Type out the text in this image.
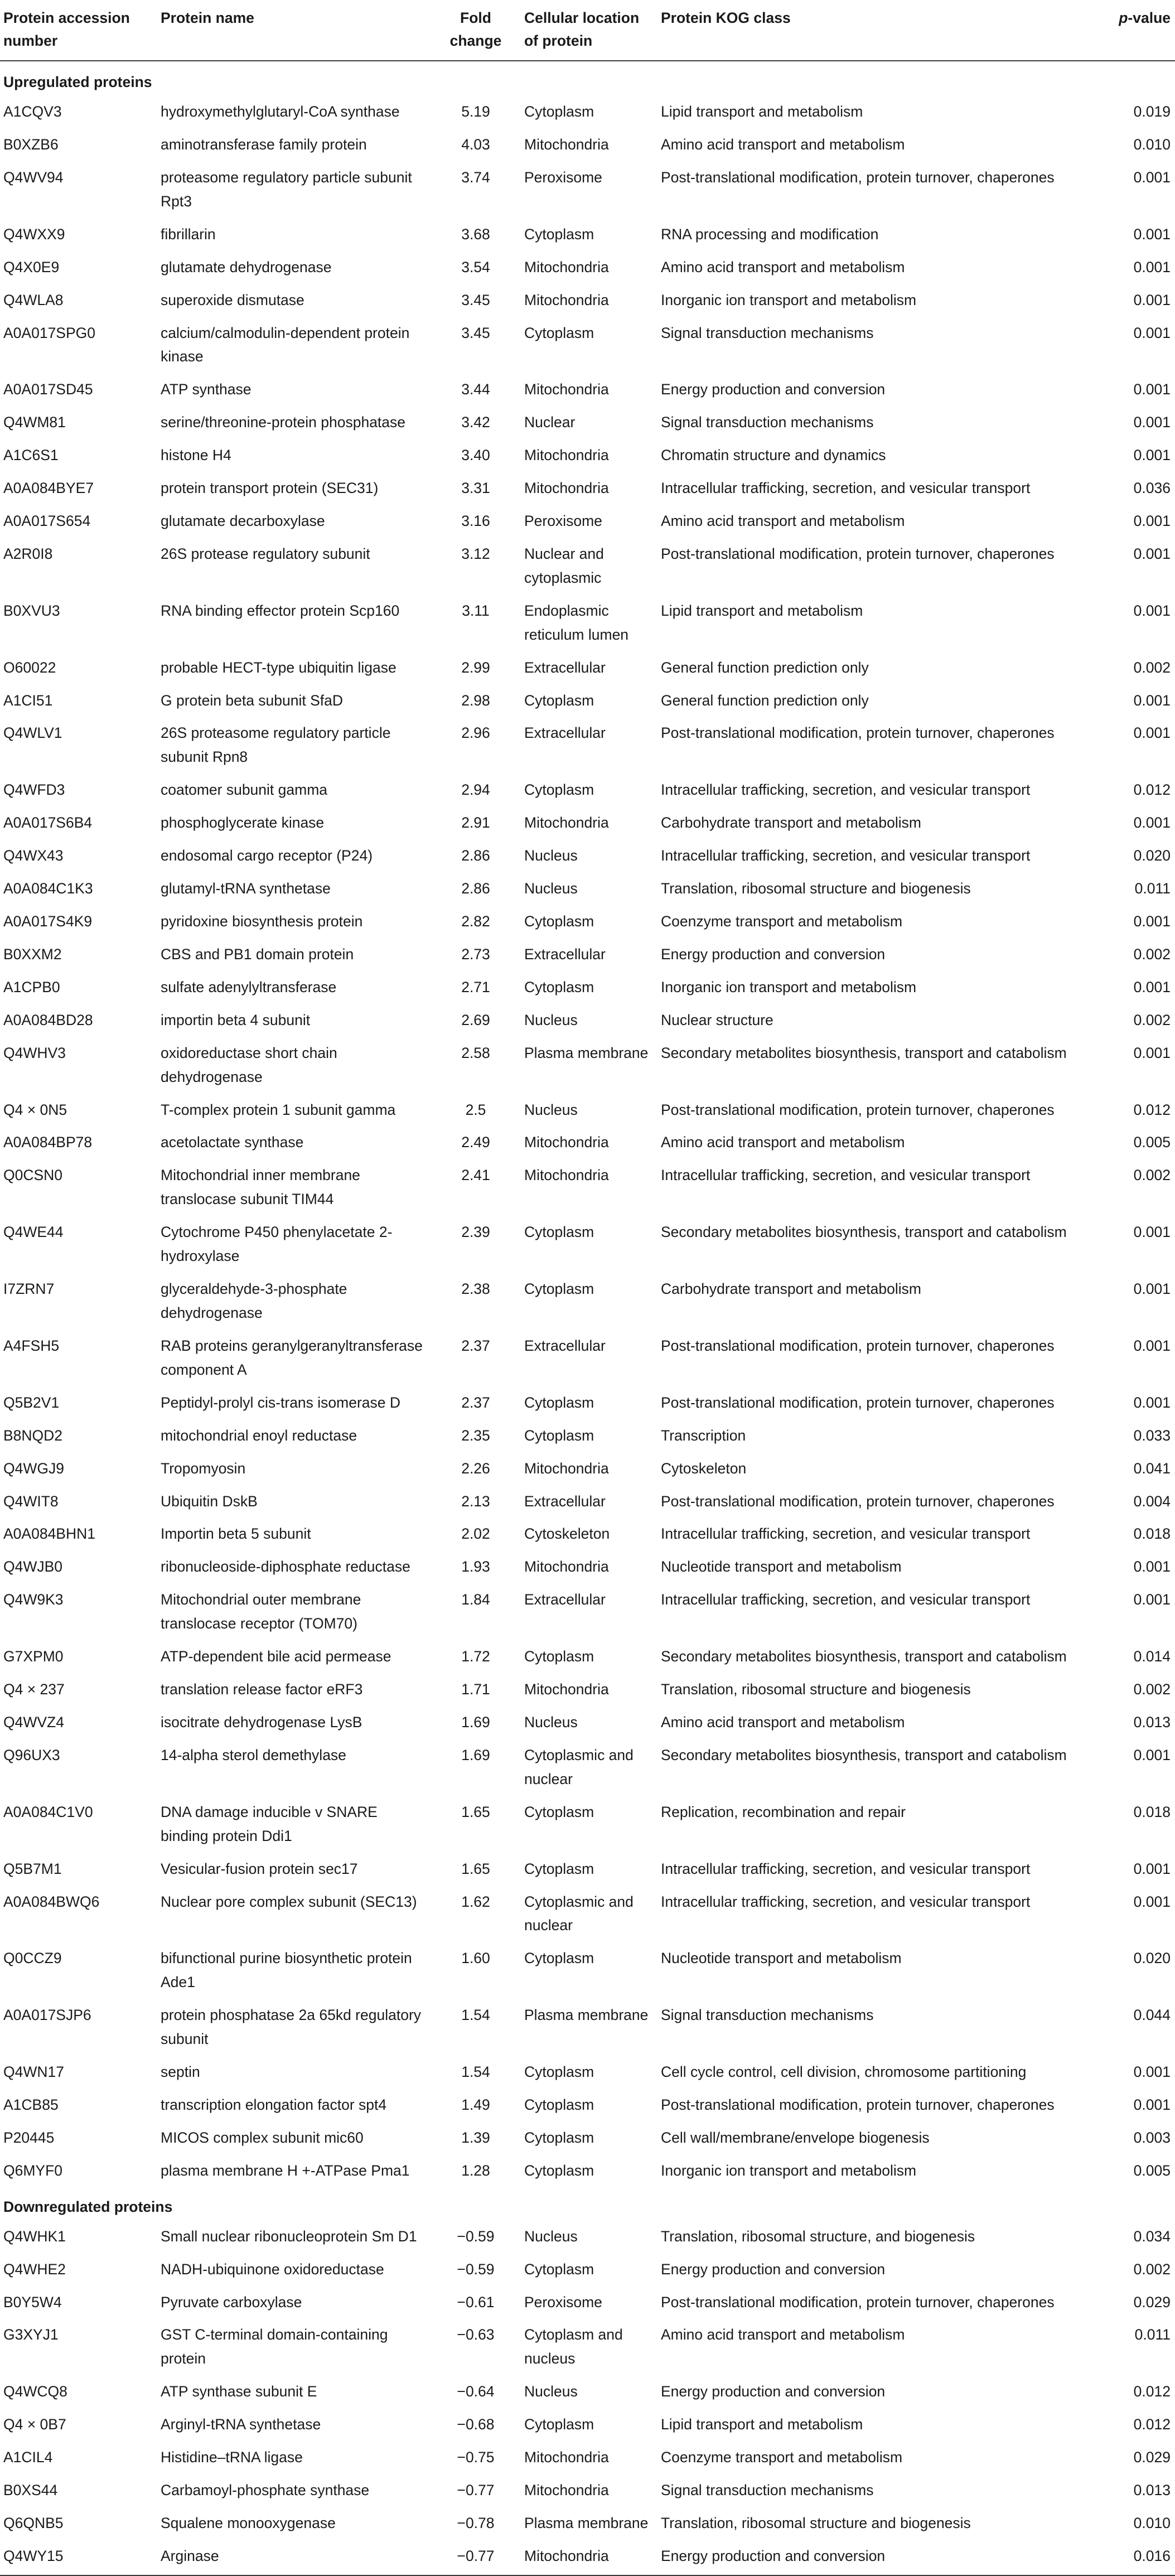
Protein accession number	Protein name	Fold change	Cellular location of protein	Protein KOG class	p-value
Upregulated proteins					
A1CQV3	hydroxymethylglutaryl-CoA synthase	5.19	Cytoplasm	Lipid transport and metabolism	0.019
B0XZB6	aminotransferase family protein	4.03	Mitochondria	Amino acid transport and metabolism	0.010
Q4WV94	proteasome regulatory particle subunit Rpt3	3.74	Peroxisome	Post-translational modification, protein turnover, chaperones	0.001
Q4WXX9	fibrillarin	3.68	Cytoplasm	RNA processing and modification	0.001
Q4X0E9	glutamate dehydrogenase	3.54	Mitochondria	Amino acid transport and metabolism	0.001
Q4WLA8	superoxide dismutase	3.45	Mitochondria	Inorganic ion transport and metabolism	0.001
A0A017SPG0	calcium/calmodulin-dependent protein kinase	3.45	Cytoplasm	Signal transduction mechanisms	0.001
A0A017SD45	ATP synthase	3.44	Mitochondria	Energy production and conversion	0.001
Q4WM81	serine/threonine-protein phosphatase	3.42	Nuclear	Signal transduction mechanisms	0.001
A1C6S1	histone H4	3.40	Mitochondria	Chromatin structure and dynamics	0.001
A0A084BYE7	protein transport protein (SEC31)	3.31	Mitochondria	Intracellular trafficking, secretion, and vesicular transport	0.036
A0A017S654	glutamate decarboxylase	3.16	Peroxisome	Amino acid transport and metabolism	0.001
A2R0I8	26S protease regulatory subunit	3.12	Nuclear and cytoplasmic	Post-translational modification, protein turnover, chaperones	0.001
B0XVU3	RNA binding effector protein Scp160	3.11	Endoplasmic reticulum lumen	Lipid transport and metabolism	0.001
O60022	probable HECT-type ubiquitin ligase	2.99	Extracellular	General function prediction only	0.002
A1CI51	G protein beta subunit SfaD	2.98	Cytoplasm	General function prediction only	0.001
Q4WLV1	26S proteasome regulatory particle subunit Rpn8	2.96	Extracellular	Post-translational modification, protein turnover, chaperones	0.001
Q4WFD3	coatomer subunit gamma	2.94	Cytoplasm	Intracellular trafficking, secretion, and vesicular transport	0.012
A0A017S6B4	phosphoglycerate kinase	2.91	Mitochondria	Carbohydrate transport and metabolism	0.001
Q4WX43	endosomal cargo receptor (P24)	2.86	Nucleus	Intracellular trafficking, secretion, and vesicular transport	0.020
A0A084C1K3	glutamyl-tRNA synthetase	2.86	Nucleus	Translation, ribosomal structure and biogenesis	0.011
A0A017S4K9	pyridoxine biosynthesis protein	2.82	Cytoplasm	Coenzyme transport and metabolism	0.001
B0XXM2	CBS and PB1 domain protein	2.73	Extracellular	Energy production and conversion	0.002
A1CPB0	sulfate adenylyltransferase	2.71	Cytoplasm	Inorganic ion transport and metabolism	0.001
A0A084BD28	importin beta 4 subunit	2.69	Nucleus	Nuclear structure	0.002
Q4WHV3	oxidoreductase short chain dehydrogenase	2.58	Plasma membrane	Secondary metabolites biosynthesis, transport and catabolism	0.001
Q4 × 0N5	T-complex protein 1 subunit gamma	2.5	Nucleus	Post-translational modification, protein turnover, chaperones	0.012
A0A084BP78	acetolactate synthase	2.49	Mitochondria	Amino acid transport and metabolism	0.005
Q0CSN0	Mitochondrial inner membrane translocase subunit TIM44	2.41	Mitochondria	Intracellular trafficking, secretion, and vesicular transport	0.002
Q4WE44	Cytochrome P450 phenylacetate 2-hydroxylase	2.39	Cytoplasm	Secondary metabolites biosynthesis, transport and catabolism	0.001
I7ZRN7	glyceraldehyde-3-phosphate dehydrogenase	2.38	Cytoplasm	Carbohydrate transport and metabolism	0.001
A4FSH5	RAB proteins geranylgeranyltransferase component A	2.37	Extracellular	Post-translational modification, protein turnover, chaperones	0.001
Q5B2V1	Peptidyl-prolyl cis-trans isomerase D	2.37	Cytoplasm	Post-translational modification, protein turnover, chaperones	0.001
B8NQD2	mitochondrial enoyl reductase	2.35	Cytoplasm	Transcription	0.033
Q4WGJ9	Tropomyosin	2.26	Mitochondria	Cytoskeleton	0.041
Q4WIT8	Ubiquitin DskB	2.13	Extracellular	Post-translational modification, protein turnover, chaperones	0.004
A0A084BHN1	Importin beta 5 subunit	2.02	Cytoskeleton	Intracellular trafficking, secretion, and vesicular transport	0.018
Q4WJB0	ribonucleoside-diphosphate reductase	1.93	Mitochondria	Nucleotide transport and metabolism	0.001
Q4W9K3	Mitochondrial outer membrane translocase receptor (TOM70)	1.84	Extracellular	Intracellular trafficking, secretion, and vesicular transport	0.001
G7XPM0	ATP-dependent bile acid permease	1.72	Cytoplasm	Secondary metabolites biosynthesis, transport and catabolism	0.014
Q4 × 237	translation release factor eRF3	1.71	Mitochondria	Translation, ribosomal structure and biogenesis	0.002
Q4WVZ4	isocitrate dehydrogenase LysB	1.69	Nucleus	Amino acid transport and metabolism	0.013
Q96UX3	14-alpha sterol demethylase	1.69	Cytoplasmic and nuclear	Secondary metabolites biosynthesis, transport and catabolism	0.001
A0A084C1V0	DNA damage inducible v SNARE binding protein Ddi1	1.65	Cytoplasm	Replication, recombination and repair	0.018
Q5B7M1	Vesicular-fusion protein sec17	1.65	Cytoplasm	Intracellular trafficking, secretion, and vesicular transport	0.001
A0A084BWQ6	Nuclear pore complex subunit (SEC13)	1.62	Cytoplasmic and nuclear	Intracellular trafficking, secretion, and vesicular transport	0.001
Q0CCZ9	bifunctional purine biosynthetic protein Ade1	1.60	Cytoplasm	Nucleotide transport and metabolism	0.020
A0A017SJP6	protein phosphatase 2a 65kd regulatory subunit	1.54	Plasma membrane	Signal transduction mechanisms	0.044
Q4WN17	septin	1.54	Cytoplasm	Cell cycle control, cell division, chromosome partitioning	0.001
A1CB85	transcription elongation factor spt4	1.49	Cytoplasm	Post-translational modification, protein turnover, chaperones	0.001
P20445	MICOS complex subunit mic60	1.39	Cytoplasm	Cell wall/membrane/envelope biogenesis	0.003
Q6MYF0	plasma membrane H +-ATPase Pma1	1.28	Cytoplasm	Inorganic ion transport and metabolism	0.005
Downregulated proteins					
Q4WHK1	Small nuclear ribonucleoprotein Sm D1	−0.59	Nucleus	Translation, ribosomal structure, and biogenesis	0.034
Q4WHE2	NADH-ubiquinone oxidoreductase	−0.59	Cytoplasm	Energy production and conversion	0.002
B0Y5W4	Pyruvate carboxylase	−0.61	Peroxisome	Post-translational modification, protein turnover, chaperones	0.029
G3XYJ1	GST C-terminal domain-containing protein	−0.63	Cytoplasm and nucleus	Amino acid transport and metabolism	0.011
Q4WCQ8	ATP synthase subunit E	−0.64	Nucleus	Energy production and conversion	0.012
Q4 × 0B7	Arginyl-tRNA synthetase	−0.68	Cytoplasm	Lipid transport and metabolism	0.012
A1CIL4	Histidine–tRNA ligase	−0.75	Mitochondria	Coenzyme transport and metabolism	0.029
B0XS44	Carbamoyl-phosphate synthase	−0.77	Mitochondria	Signal transduction mechanisms	0.013
Q6QNB5	Squalene monooxygenase	−0.78	Plasma membrane	Translation, ribosomal structure and biogenesis	0.010
Q4WY15	Arginase	−0.77	Mitochondria	Energy production and conversion	0.016
